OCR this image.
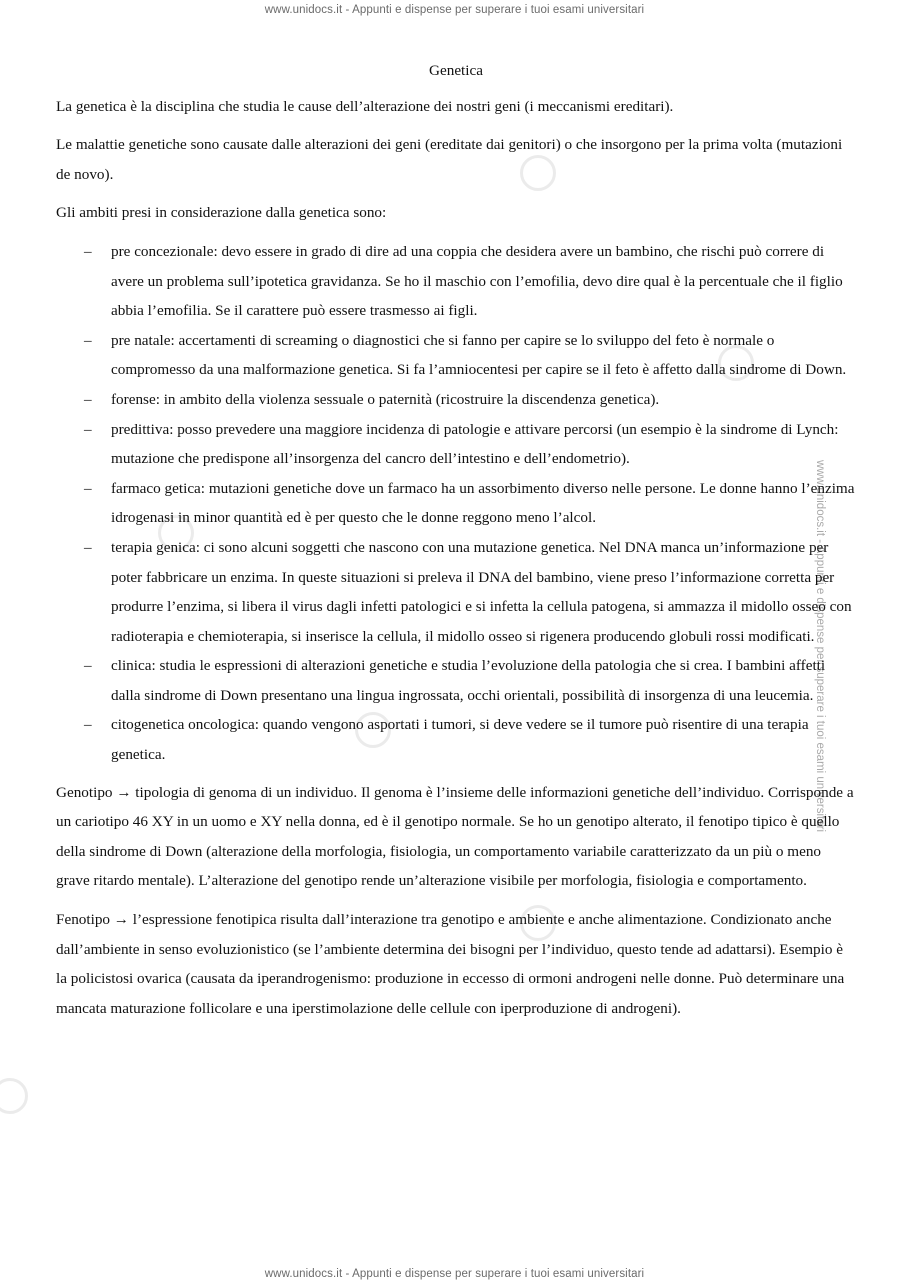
www.unidocs.it - Appunti e dispense per superare i tuoi esami universitari
www.unidocs.it - Appunti e dispense per superare i tuoi esami universitari
Genetica

La genetica è la disciplina che studia le cause dell’alterazione dei nostri geni (i meccanismi ereditari).

Le malattie genetiche sono causate dalle alterazioni dei geni (ereditate dai genitori) o che insorgono per la prima volta (mutazioni de novo).

Gli ambiti presi in considerazione dalla genetica sono:

– pre concezionale: devo essere in grado di dire ad una coppia che desidera avere un bambino, che rischi può correre di avere un problema sull’ipotetica gravidanza. Se ho il maschio con l’emofilia, devo dire qual è la percentuale che il figlio abbia l’emofilia. Se il carattere può essere trasmesso ai figli.
– pre natale: accertamenti di screaming o diagnostici che si fanno per capire se lo sviluppo del feto è normale o compromesso da una malformazione genetica. Si fa l’amniocentesi per capire se il feto è affetto dalla sindrome di Down.
– forense: in ambito della violenza sessuale o paternità (ricostruire la discendenza genetica).
– predittiva: posso prevedere una maggiore incidenza di patologie e attivare percorsi (un esempio è la sindrome di Lynch: mutazione che predispone all’insorgenza del cancro dell’intestino e dell’endometrio).
– farmaco getica: mutazioni genetiche dove un farmaco ha un assorbimento diverso nelle persone. Le donne hanno l’enzima idrogenasi in minor quantità ed è per questo che le donne reggono meno l’alcol.
– terapia genica: ci sono alcuni soggetti che nascono con una mutazione genetica. Nel DNA manca un’informazione per poter fabbricare un enzima. In queste situazioni si preleva il DNA del bambino, viene preso l’informazione corretta per produrre l’enzima, si libera il virus dagli infetti patologici e si infetta la cellula patogena, si ammazza il midollo osseo con radioterapia e chemioterapia, si inserisce la cellula, il midollo osseo si rigenera producendo globuli rossi modificati.
– clinica: studia le espressioni di alterazioni genetiche e studia l’evoluzione della patologia che si crea. I bambini affetti dalla sindrome di Down presentano una lingua ingrossata, occhi orientali, possibilità di insorgenza di una leucemia.
– citogenetica oncologica: quando vengono asportati i tumori, si deve vedere se il tumore può risentire di una terapia genetica.

Genotipo → tipologia di genoma di un individuo. Il genoma è l’insieme delle informazioni genetiche dell’individuo. Corrisponde a un cariotipo 46 XY in un uomo e XY nella donna, ed è il genotipo normale. Se ho un genotipo alterato, il fenotipo tipico è quello della sindrome di Down (alterazione della morfologia, fisiologia, un comportamento variabile caratterizzato da un più o meno grave ritardo mentale). L’alterazione del genotipo rende un’alterazione visibile per morfologia, fisiologia e comportamento.

Fenotipo → l’espressione fenotipica risulta dall’interazione tra genotipo e ambiente e anche alimentazione. Condizionato anche dall’ambiente in senso evoluzionistico (se l’ambiente determina dei bisogni per l’individuo, questo tende ad adattarsi). Esempio è la policistosi ovarica (causata da iperandrogenismo: produzione in eccesso di ormoni androgeni nelle donne. Può determinare una mancata maturazione follicolare e una iperstimolazione delle cellule con iperproduzione di androgeni).

www.unidocs.it - Appunti e dispense per superare i tuoi esami universitari
